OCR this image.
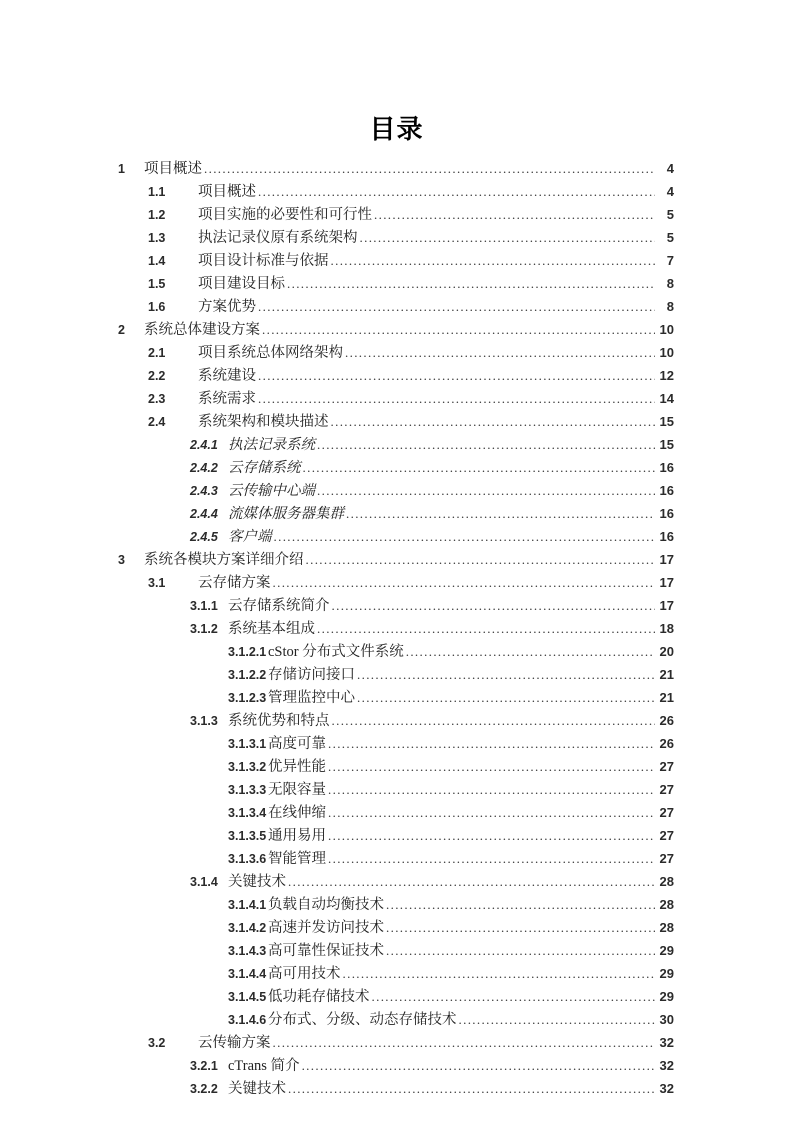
目录
1	项目概述 .....	4
1.1	项目概述 .....	4
1.2	项目实施的必要性和可行性 .....	5
1.3	执法记录仪原有系统架构 .....	5
1.4	项目设计标准与依据 .....	7
1.5	项目建设目标 .....	8
1.6	方案优势 .....	8
2	系统总体建设方案 .....	10
2.1	项目系统总体网络架构 .....	10
2.2	系统建设 .....	12
2.3	系统需求 .....	14
2.4	系统架构和模块描述 .....	15
2.4.1 执法记录系统 .....	15
2.4.2 云存储系统 .....	16
2.4.3 云传输中心端 .....	16
2.4.4 流媒体服务器集群 .....	16
2.4.5 客户端 .....	16
3	系统各模块方案详细介绍 .....	17
3.1	云存储方案 .....	17
3.1.1 云存储系统简介 .....	17
3.1.2 系统基本组成 .....	18
3.1.2.1 cStor 分布式文件系统 .....	20
3.1.2.2 存储访问接口 .....	21
3.1.2.3 管理监控中心 .....	21
3.1.3 系统优势和特点 .....	26
3.1.3.1 高度可靠 .....	26
3.1.3.2 优异性能 .....	27
3.1.3.3 无限容量 .....	27
3.1.3.4 在线伸缩 .....	27
3.1.3.5 通用易用 .....	27
3.1.3.6 智能管理 .....	27
3.1.4 关键技术 .....	28
3.1.4.1 负载自动均衡技术 .....	28
3.1.4.2 高速并发访问技术 .....	28
3.1.4.3 高可靠性保证技术 .....	29
3.1.4.4 高可用技术 .....	29
3.1.4.5 低功耗存储技术 .....	29
3.1.4.6 分布式、分级、动态存储技术 .....	30
3.2	云传输方案 .....	32
3.2.1 cTrans 简介 .....	32
3.2.2 关键技术 .....	32
